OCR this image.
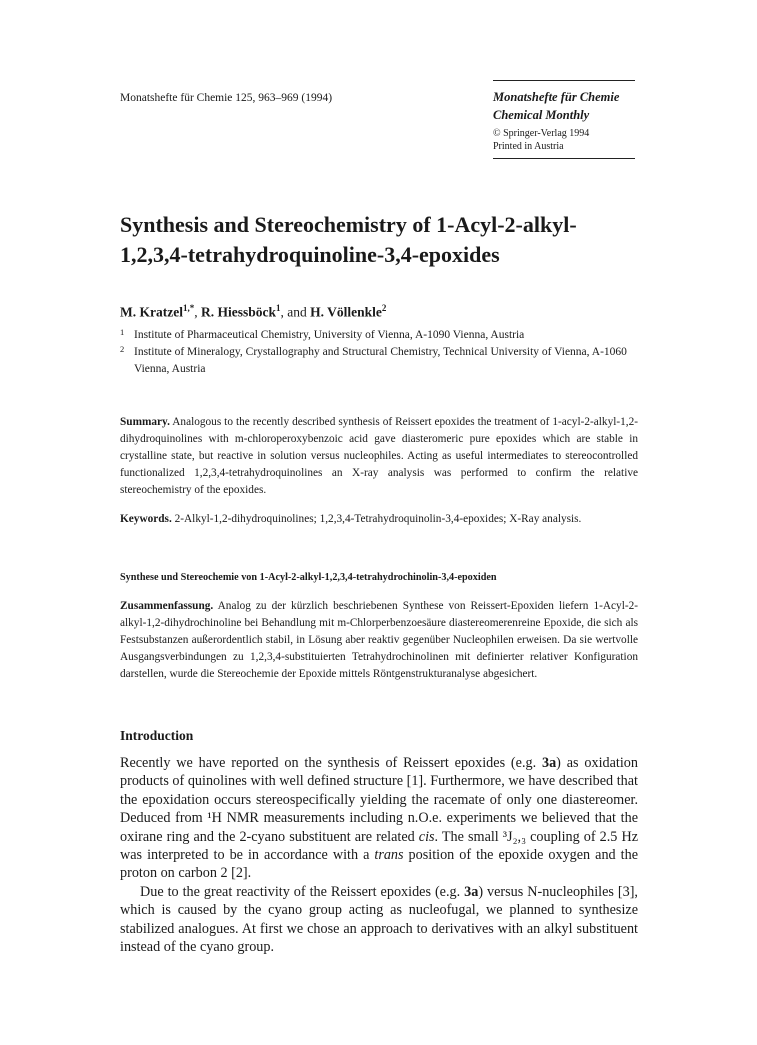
Monatshefte für Chemie 125, 963–969 (1994)	Monatshefte für Chemie
Chemical Monthly
© Springer-Verlag 1994
Printed in Austria
Synthesis and Stereochemistry of 1-Acyl-2-alkyl-
1,2,3,4-tetrahydroquinoline-3,4-epoxides
M. Kratzel$^{1,*}$, R. Hiessböck$^1$, and H. Völlenkle$^2$
1 Institute of Pharmaceutical Chemistry, University of Vienna, A-1090 Vienna, Austria
2 Institute of Mineralogy, Crystallography and Structural Chemistry, Technical University of Vienna, A-1060 Vienna, Austria
Summary. Analogous to the recently described synthesis of Reissert epoxides the treatment of 1-acyl-2-alkyl-1,2-dihydroquinolines with m-chloroperoxybenzoic acid gave diasteromeric pure epoxides which are stable in crystalline state, but reactive in solution versus nucleophiles. Acting as useful intermediates to stereocontrolled functionalized 1,2,3,4-tetrahydroquinolines an X-ray analysis was performed to confirm the relative stereochemistry of the epoxides.
Keywords. 2-Alkyl-1,2-dihydroquinolines; 1,2,3,4-Tetrahydroquinolin-3,4-epoxides; X-Ray analysis.
Synthese und Stereochemie von 1-Acyl-2-alkyl-1,2,3,4-tetrahydrochinolin-3,4-epoxiden
Zusammenfassung. Analog zu der kürzlich beschriebenen Synthese von Reissert-Epoxiden liefern 1-Acyl-2-alkyl-1,2-dihydrochinoline bei Behandlung mit m-Chlorperbenzoesäure diastereomerenreine Epoxide, die sich als Festsubstanzen außerordentlich stabil, in Lösung aber reaktiv gegenüber Nucleophilen erweisen. Da sie wertvolle Ausgangsverbindungen zu 1,2,3,4-substituierten Tetrahydrochinolinen mit definierter relativer Konfiguration darstellen, wurde die Stereochemie der Epoxide mittels Röntgenstrukturanalyse abgesichert.
Introduction

Recently we have reported on the synthesis of Reissert epoxides (e.g. 3a) as oxidation products of quinolines with well defined structure [1]. Furthermore, we have described that the epoxidation occurs stereospecifically yielding the racemate of only one diastereomer. Deduced from ¹H NMR measurements including n.O.e. experiments we believed that the oxirane ring and the 2-cyano substituent are related cis. The small ³J₂,₃ coupling of 2.5 Hz was interpreted to be in accordance with a trans position of the epoxide oxygen and the proton on carbon 2 [2].

Due to the great reactivity of the Reissert epoxides (e.g. 3a) versus N-nucleophiles [3], which is caused by the cyano group acting as nucleofugal, we planned to synthesize stabilized analogues. At first we chose an approach to derivatives with an alkyl substituent instead of the cyano group.
